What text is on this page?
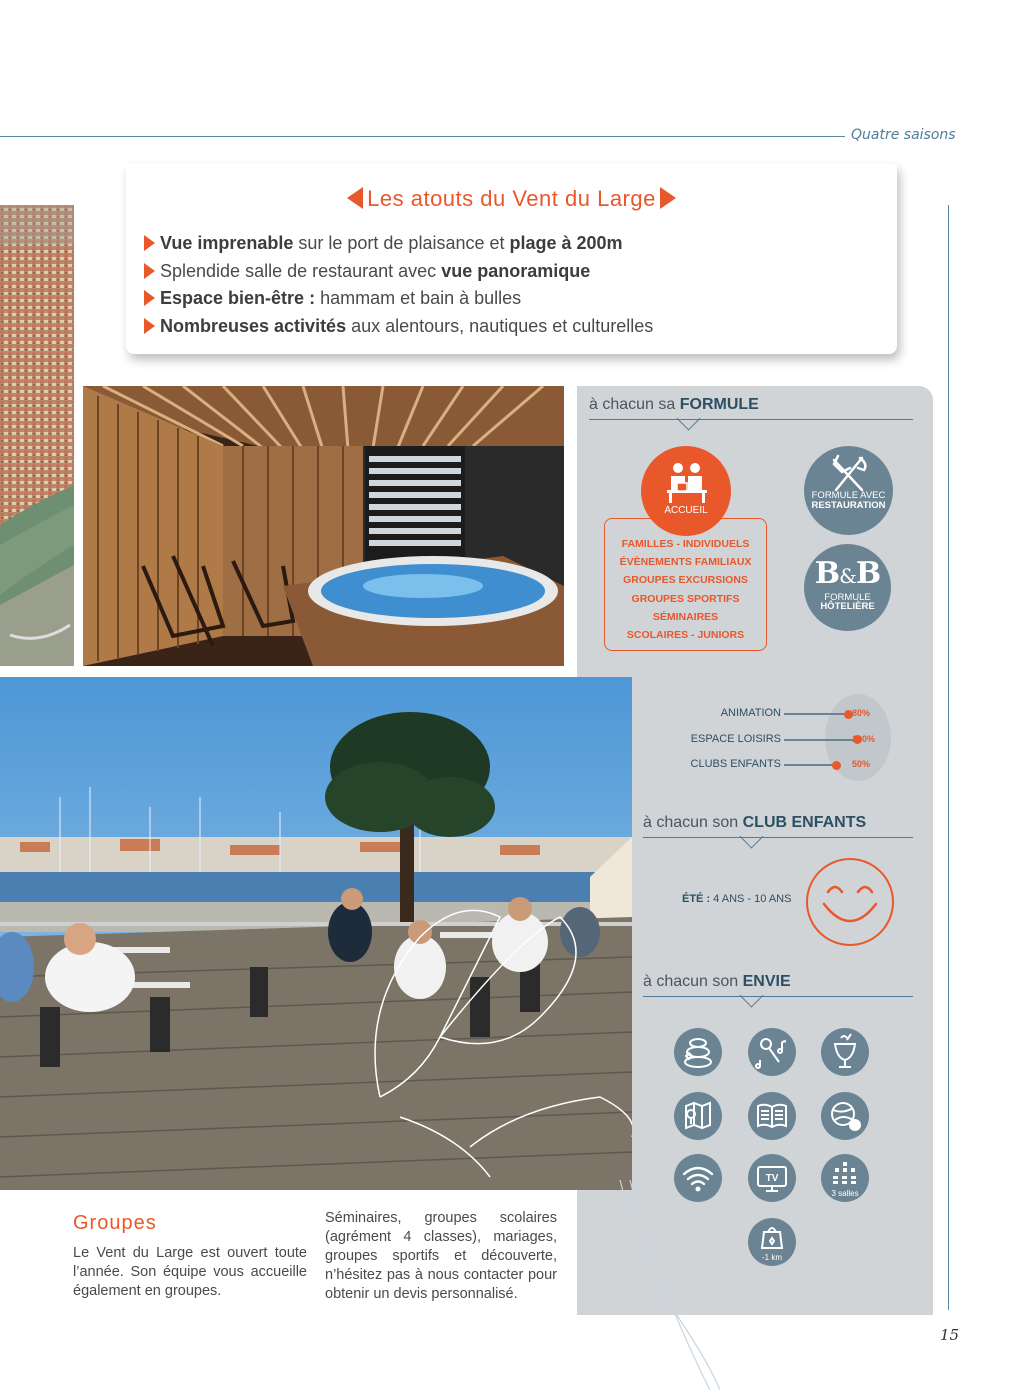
Quatre saisons
Les atouts du Vent du Large
Vue imprenable sur le port de plaisance et plage à 200m
Splendide salle de restaurant avec vue panoramique
Espace bien-être : hammam et bain à bulles
Nombreuses activités aux alentours, nautiques et culturelles
à chacun sa FORMULE
ACCUEIL
FAMILLES - INDIVIDUELS
ÉVÈNEMENTS FAMILIAUX
GROUPES EXCURSIONS
GROUPES SPORTIFS
SÉMINAIRES
SCOLAIRES - JUNIORS
FORMULE AVEC
RESTAURATION
B&B
FORMULE
HÔTELIÈRE
ANIMATION	80%
ESPACE LOISIRS	100%
CLUBS ENFANTS	50%
à chacun son CLUB ENFANTS
ÉTÉ : 4 ANS - 10 ANS
à chacun son ENVIE
TV
3 salles
-1 km
Groupes
Le Vent du Large est ouvert toute l’année. Son équipe vous accueille également en groupes.
Séminaires, groupes scolaires (agrément 4 classes), mariages, groupes sportifs et découverte, n’hésitez pas à nous contacter pour obtenir un devis personnalisé.
15
